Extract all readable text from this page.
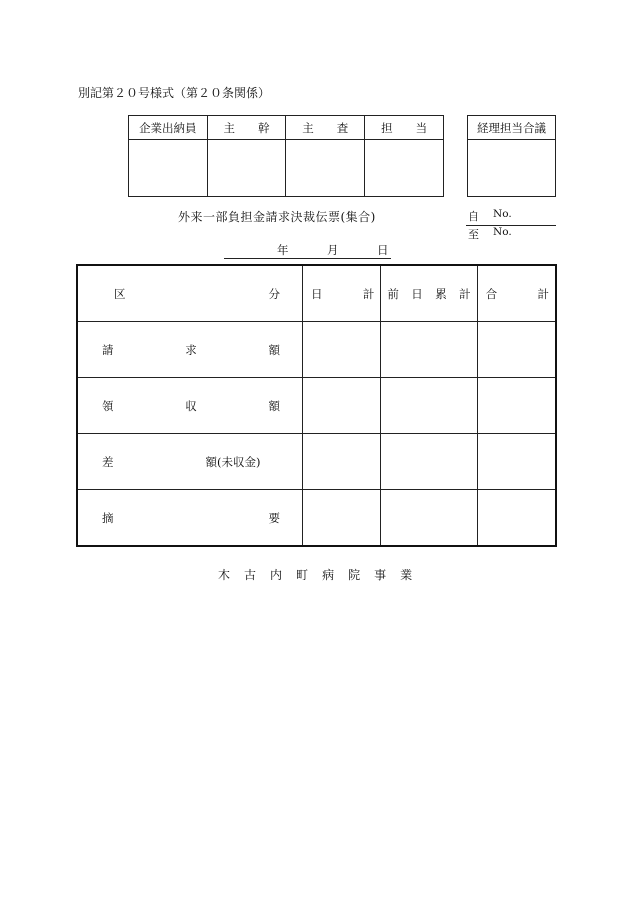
別記第２０号様式（第２０条関係）
企業出納員	主　　幹	主　　査	担　　当

				経理担当合議

外来一部負担金請求決裁伝票(集合)	自 No.
至 No.
年	月	日
区 分	日 計	前 日 累 計	合 計

請 求 額			

領 収 額			

差 額(未収金)			

摘 要			

木 古 内 町 病 院 事 業
